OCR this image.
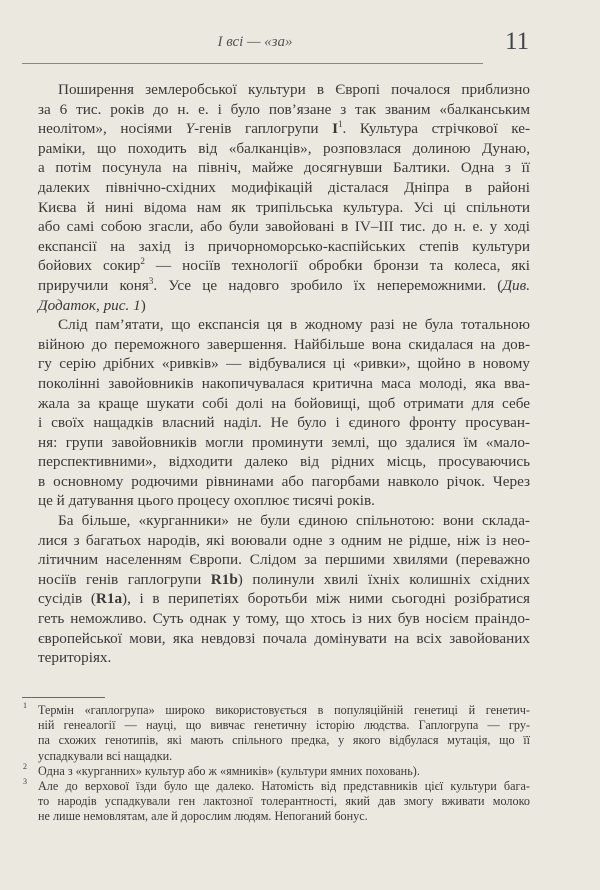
І всі — «за»	11
Поширення землеробської культури в Європі почалося приблизно
за 6 тис. років до н. е. і було пов’язане з так званим «балканським
неолітом», носіями Y-генів гаплогрупи $I^1$. Культура стрічкової ке-
раміки, що походить від «балканців», розповзлася долиною Дунаю,
а потім посунула на північ, майже досягнувши Балтики. Одна з її
далеких північно-східних модифікацій дісталася Дніпра в районі
Києва й нині відома нам як трипільська культура. Усі ці спільноти
або самі собою згасли, або були завойовані в IV–III тис. до н. е. у ході
експансії на захід із причорноморсько-каспійських степів культури
бойових сокир$^2$ — носіїв технології обробки бронзи та колеса, які
приручили коня$^3$. Усе це надовго зробило їх непереможними. (Див.
Додаток, рис. 1)
Слід пам’ятати, що експансія ця в жодному разі не була тотальною
війною до переможного завершення. Найбільше вона скидалася на дов-
гу серію дрібних «ривків» — відбувалися ці «ривки», щойно в новому
поколінні завойовників накопичувалася критична маса молоді, яка вва-
жала за краще шукати собі долі на бойовищі, щоб отримати для себе
і своїх нащадків власний наділ. Не було і єдиного фронту просуван-
ня: групи завойовників могли проминути землі, що здалися їм «мало-
перспективними», відходити далеко від рідних місць, просуваючись
в основному родючими рівнинами або пагорбами навколо річок. Через
це й датування цього процесу охоплює тисячі років.
Ба більше, «курганники» не були єдиною спільнотою: вони склада-
лися з багатьох народів, які воювали одне з одним не рідше, ніж із нео-
літичним населенням Європи. Слідом за першими хвилями (переважно
носіїв генів гаплогрупи R1b) полинули хвилі їхніх колишніх східних
сусідів (R1a), і в перипетіях боротьби між ними сьогодні розібратися
геть неможливо. Суть однак у тому, що хтось із них був носієм праіндо-
європейської мови, яка невдовзі почала домінувати на всіх завойованих
територіях.
1 Термін «гаплогрупа» широко використовується в популяційній генетиці й генетич-
ній генеалогії — науці, що вивчає генетичну історію людства. Гаплогрупа — гру-
па схожих генотипів, які мають спільного предка, у якого відбулася мутація, що її
успадкували всі нащадки.
2 Одна з «курганних» культур або ж «ямників» (культури ямних поховань).
3 Але до верхової їзди було ще далеко. Натомість від представників цієї культури бага-
то народів успадкували ген лактозної толерантності, який дав змогу вживати молоко
не лише немовлятам, але й дорослим людям. Непоганий бонус.
